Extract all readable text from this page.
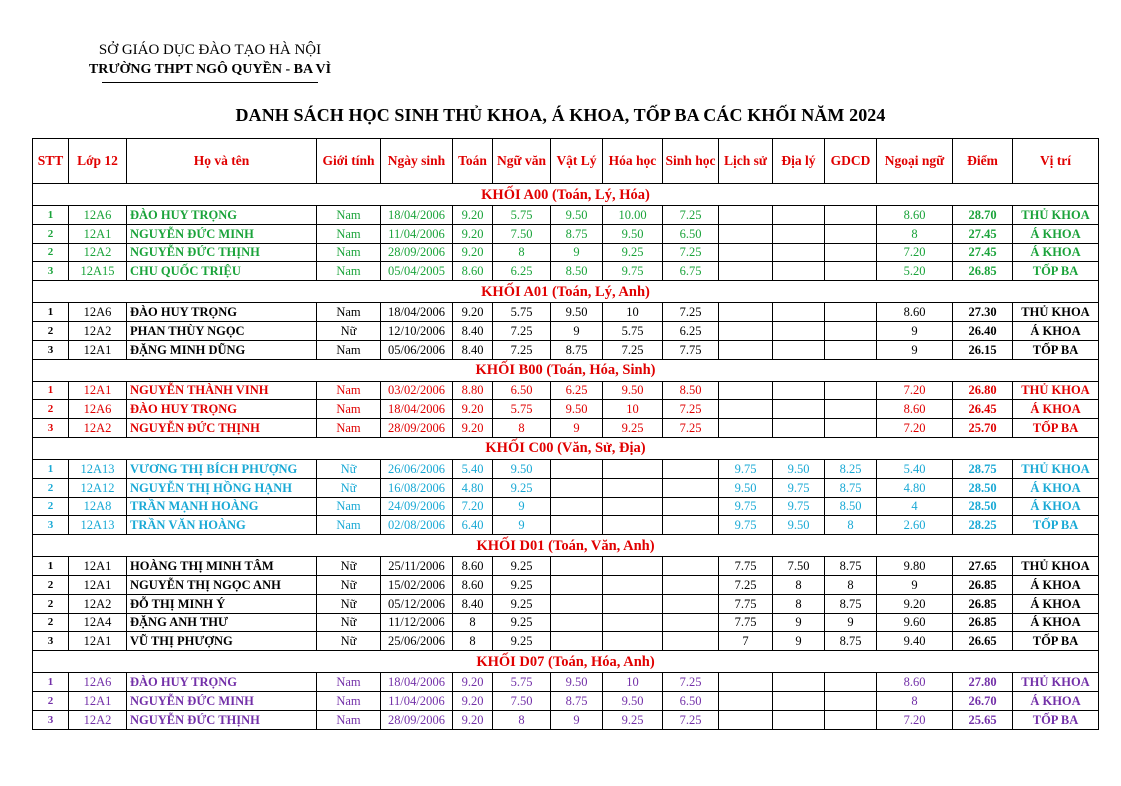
SỞ GIÁO DỤC ĐÀO TẠO HÀ NỘI
TRƯỜNG THPT NGÔ QUYỀN - BA VÌ
DANH SÁCH HỌC SINH THỦ KHOA, Á KHOA, TỐP BA CÁC KHỐI NĂM 2024
STT	Lớp 12	Họ và tên	Giới tính	Ngày sinh	Toán	Ngữ văn	Vật Lý	Hóa học	Sinh học	Lịch sử	Địa lý	GDCD	Ngoại ngữ	Điểm	Vị trí
KHỐI A00 (Toán, Lý, Hóa)															
1	12A6	ĐÀO HUY TRỌNG	Nam	18/04/2006	9.20	5.75	9.50	10.00	7.25				8.60	28.70	THỦ KHOA
2	12A1	NGUYỄN ĐỨC MINH	Nam	11/04/2006	9.20	7.50	8.75	9.50	6.50				8	27.45	Á KHOA
2	12A2	NGUYỄN ĐỨC THỊNH	Nam	28/09/2006	9.20	8	9	9.25	7.25				7.20	27.45	Á KHOA
3	12A15	CHU QUỐC TRIỆU	Nam	05/04/2005	8.60	6.25	8.50	9.75	6.75				5.20	26.85	TỐP BA
KHỐI A01 (Toán, Lý, Anh)															
1	12A6	ĐÀO HUY TRỌNG	Nam	18/04/2006	9.20	5.75	9.50	10	7.25				8.60	27.30	THỦ KHOA
2	12A2	PHAN THÙY NGỌC	Nữ	12/10/2006	8.40	7.25	9	5.75	6.25				9	26.40	Á KHOA
3	12A1	ĐẶNG MINH DŨNG	Nam	05/06/2006	8.40	7.25	8.75	7.25	7.75				9	26.15	TỐP BA
KHỐI B00 (Toán, Hóa, Sinh)															
1	12A1	NGUYỄN THÀNH VINH	Nam	03/02/2006	8.80	6.50	6.25	9.50	8.50				7.20	26.80	THỦ KHOA
2	12A6	ĐÀO HUY TRỌNG	Nam	18/04/2006	9.20	5.75	9.50	10	7.25				8.60	26.45	Á KHOA
3	12A2	NGUYỄN ĐỨC THỊNH	Nam	28/09/2006	9.20	8	9	9.25	7.25				7.20	25.70	TỐP BA
KHỐI C00 (Văn, Sử, Địa)															
1	12A13	VƯƠNG THỊ BÍCH PHƯỢNG	Nữ	26/06/2006	5.40	9.50				9.75	9.50	8.25	5.40	28.75	THỦ KHOA
2	12A12	NGUYỄN THỊ HỒNG HẠNH	Nữ	16/08/2006	4.80	9.25				9.50	9.75	8.75	4.80	28.50	Á KHOA
2	12A8	TRẦN MẠNH HOÀNG	Nam	24/09/2006	7.20	9				9.75	9.75	8.50	4	28.50	Á KHOA
3	12A13	TRẦN VĂN HOÀNG	Nam	02/08/2006	6.40	9				9.75	9.50	8	2.60	28.25	TỐP BA
KHỐI D01 (Toán, Văn, Anh)															
1	12A1	HOÀNG THỊ MINH TÂM	Nữ	25/11/2006	8.60	9.25				7.75	7.50	8.75	9.80	27.65	THỦ KHOA
2	12A1	NGUYỄN THỊ NGỌC ANH	Nữ	15/02/2006	8.60	9.25				7.25	8	8	9	26.85	Á KHOA
2	12A2	ĐỖ THỊ MINH Ý	Nữ	05/12/2006	8.40	9.25				7.75	8	8.75	9.20	26.85	Á KHOA
2	12A4	ĐẶNG ANH THƯ	Nữ	11/12/2006	8	9.25				7.75	9	9	9.60	26.85	Á KHOA
3	12A1	VŨ THỊ PHƯỢNG	Nữ	25/06/2006	8	9.25				7	9	8.75	9.40	26.65	TỐP BA
KHỐI D07 (Toán, Hóa, Anh)															
1	12A6	ĐÀO HUY TRỌNG	Nam	18/04/2006	9.20	5.75	9.50	10	7.25				8.60	27.80	THỦ KHOA
2	12A1	NGUYỄN ĐỨC MINH	Nam	11/04/2006	9.20	7.50	8.75	9.50	6.50				8	26.70	Á KHOA
3	12A2	NGUYỄN ĐỨC THỊNH	Nam	28/09/2006	9.20	8	9	9.25	7.25				7.20	25.65	TỐP BA
